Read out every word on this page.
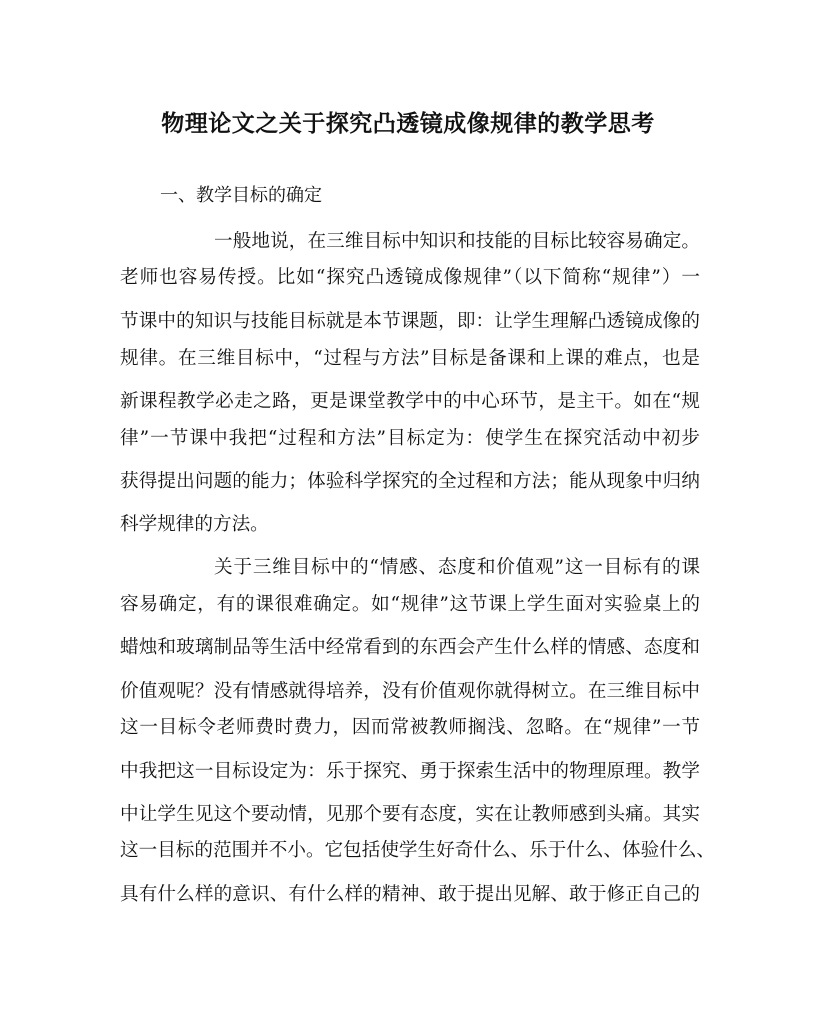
物理论文之关于探究凸透镜成像规律的教学思考
一、教学目标的确定
一般地说，在三维目标中知识和技能的目标比较容易确定。
老师也容易传授。比如“探究凸透镜成像规律”（以下简称“规律”）一
节课中的知识与技能目标就是本节课题，即：让学生理解凸透镜成像的
规律。在三维目标中，“过程与方法”目标是备课和上课的难点，也是
新课程教学必走之路，更是课堂教学中的中心环节，是主干。如在“规
律”一节课中我把“过程和方法”目标定为：使学生在探究活动中初步
获得提出问题的能力；体验科学探究的全过程和方法；能从现象中归纳
科学规律的方法。
关于三维目标中的“情感、态度和价值观”这一目标有的课
容易确定，有的课很难确定。如“规律”这节课上学生面对实验桌上的
蜡烛和玻璃制品等生活中经常看到的东西会产生什么样的情感、态度和
价值观呢？没有情感就得培养，没有价值观你就得树立。在三维目标中
这一目标令老师费时费力，因而常被教师搁浅、忽略。在“规律”一节
中我把这一目标设定为：乐于探究、勇于探索生活中的物理原理。教学
中让学生见这个要动情，见那个要有态度，实在让教师感到头痛。其实
这一目标的范围并不小。它包括使学生好奇什么、乐于什么、体验什么、
具有什么样的意识、有什么样的精神、敢于提出见解、敢于修正自己的
